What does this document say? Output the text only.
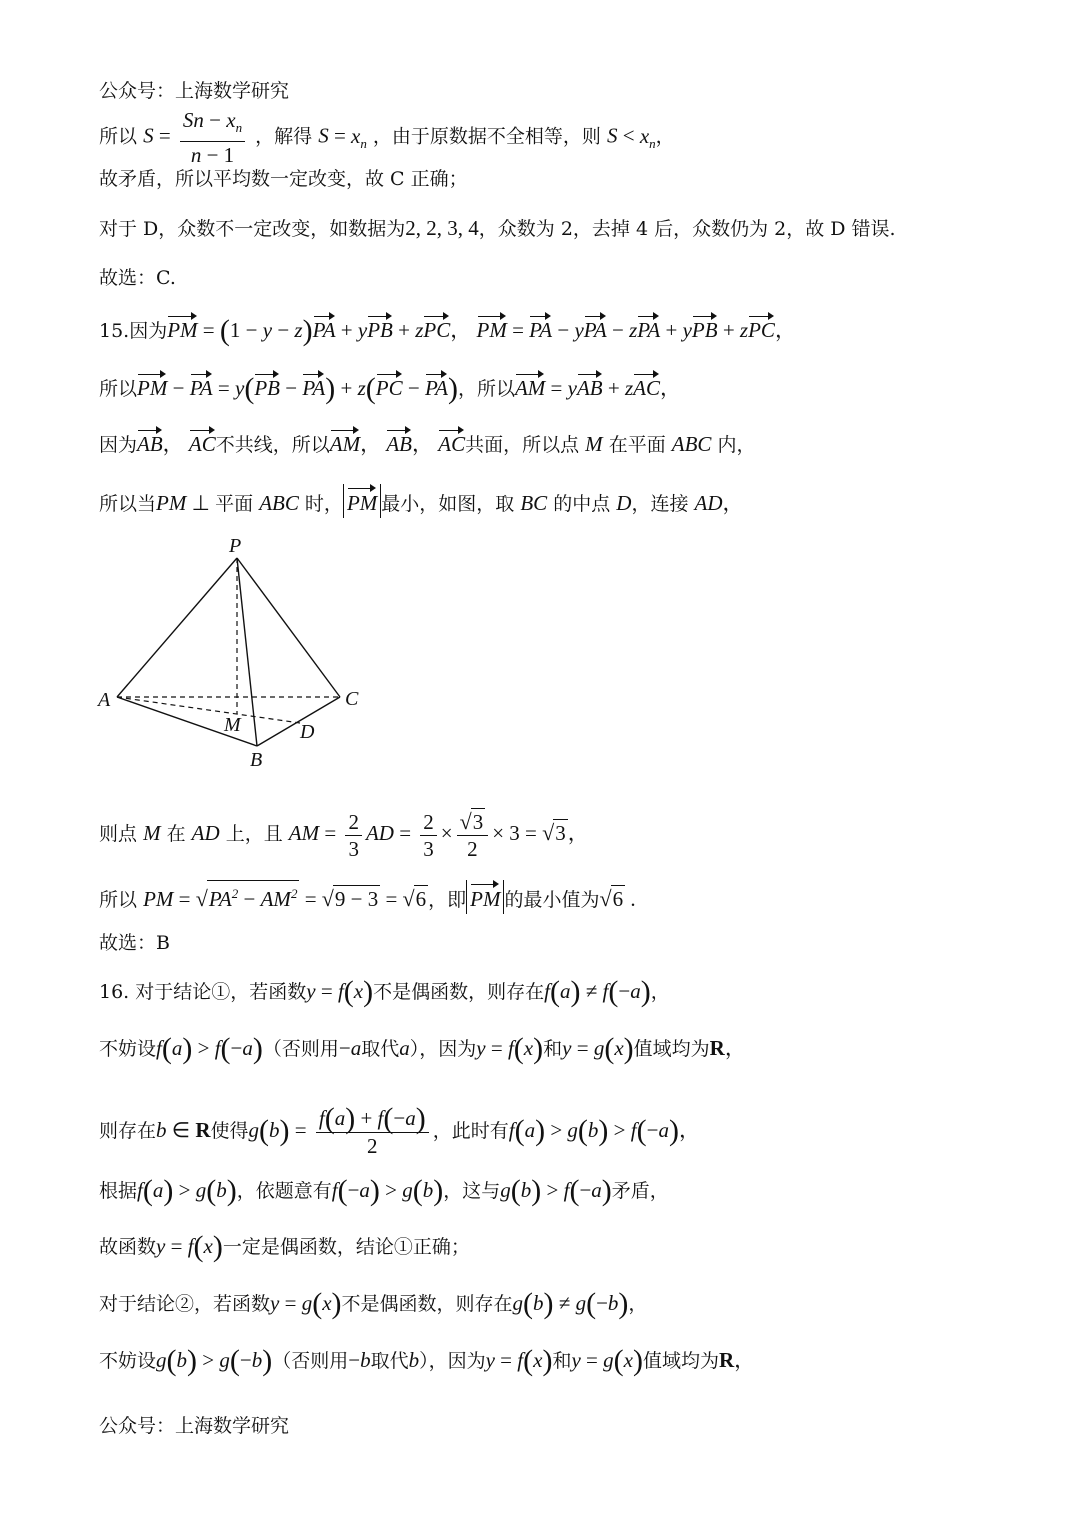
公众号：上海数学研究
所以 $S = \frac{Sn - x_n}{n - 1}$ ，解得 $S = x_n$ ，由于原数据不全相等，则 $S < x_n$，
故矛盾，所以平均数一定改变，故 C 正确；
对于 D，众数不一定改变，如数据为2, 2, 3, 4，众数为 2，去掉 4 后，众数仍为 2，故 D 错误.
故选：C.
15.因为PM = (1 − y − z)PA + yPB + zPC， PM = PA − yPA − zPA + yPB + zPC，
所以PM − PA = y(PB − PA) + z(PC − PA)，所以AM = yAB + zAC，
因为AB， AC不共线，所以AM， AB， AC共面，所以点 M 在平面 ABC 内，
所以当PM ⊥ 平面 ABC 时， PM 最小，如图，取 BC 的中点 D，连接 AD，
P
A	C
B
D
M
则点 M 在 AD 上，且 AM = $\frac{2}{3}$ AD = $\frac{2}{3} \times \frac{√3}{2} \times 3 = √3$，
所以 PM = $√PA^2 - AM^2 = √9 - 3 = √6$ ，即 PM 的最小值为√6 .
故选：B
16. 对于结论①，若函数y = f(x)不是偶函数，则存在f(a) ≠ f(−a)，
不妨设f(a) > f(−a)（否则用−a取代a），因为y = f(x)和y = g(x)值域均为R，
则存在b ∈ R使得$g(b) = \frac{f(a) + f(-a)}{2}$ ，此时有f(a) > g(b) > f(−a)，
根据f(a) > g(b)，依题意有f(−a) > g(b)，这与g(b) > f(−a)矛盾，
故函数y = f(x)一定是偶函数，结论①正确；
对于结论②，若函数y = g(x)不是偶函数，则存在g(b) ≠ g(−b)，
不妨设g(b) > g(−b)（否则用−b取代b），因为y = f(x)和y = g(x)值域均为R，
公众号：上海数学研究
